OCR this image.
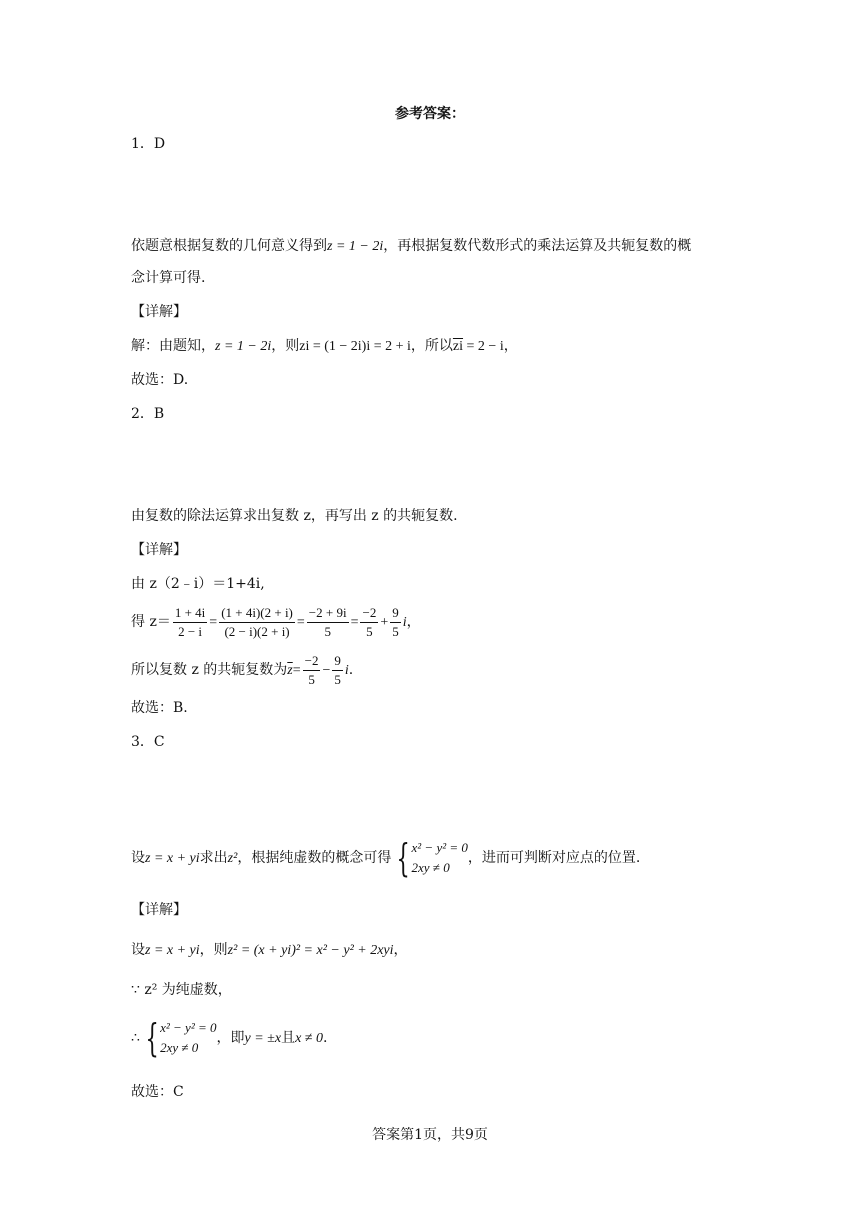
参考答案：
1．D
依题意根据复数的几何意义得到z = 1 − 2i，再根据复数代数形式的乘法运算及共轭复数的概
念计算可得.
【详解】
解：由题知，z = 1 − 2i，则zi = (1 − 2i)i = 2 + i，所以$\overline{zi} = 2 - i$，
故选：D.
2．B
由复数的除法运算求出复数 z，再写出 z 的共轭复数.
【详解】
由 z（2﹣i）＝1+4i,
得 $z= \frac{1 + 4i}{2 - i} = \frac{(1 + 4i)(2 + i)}{(2 - i)(2 + i)} = \frac{-2 + 9i}{5} = \frac{-2}{5} + \frac{9}{5}$ i，
所以复数 z 的共轭复数为$\overline{z}= \frac{-2}{5} - \frac{9}{5} i$.
故选：B.
3．C
设z = x + yi求出z²，根据纯虚数的概念可得 { x² − y² = 0
2xy ≠ 0
，进而可判断对应点的位置.
【详解】
设z = x + yi，则z² = (x + yi)² = x² − y² + 2xyi，
∵ z² 为纯虚数，
∴ { x² − y² = 0
2xy ≠ 0
，即y = ±x且x ≠ 0.
故选：C
答案第1页，共9页
